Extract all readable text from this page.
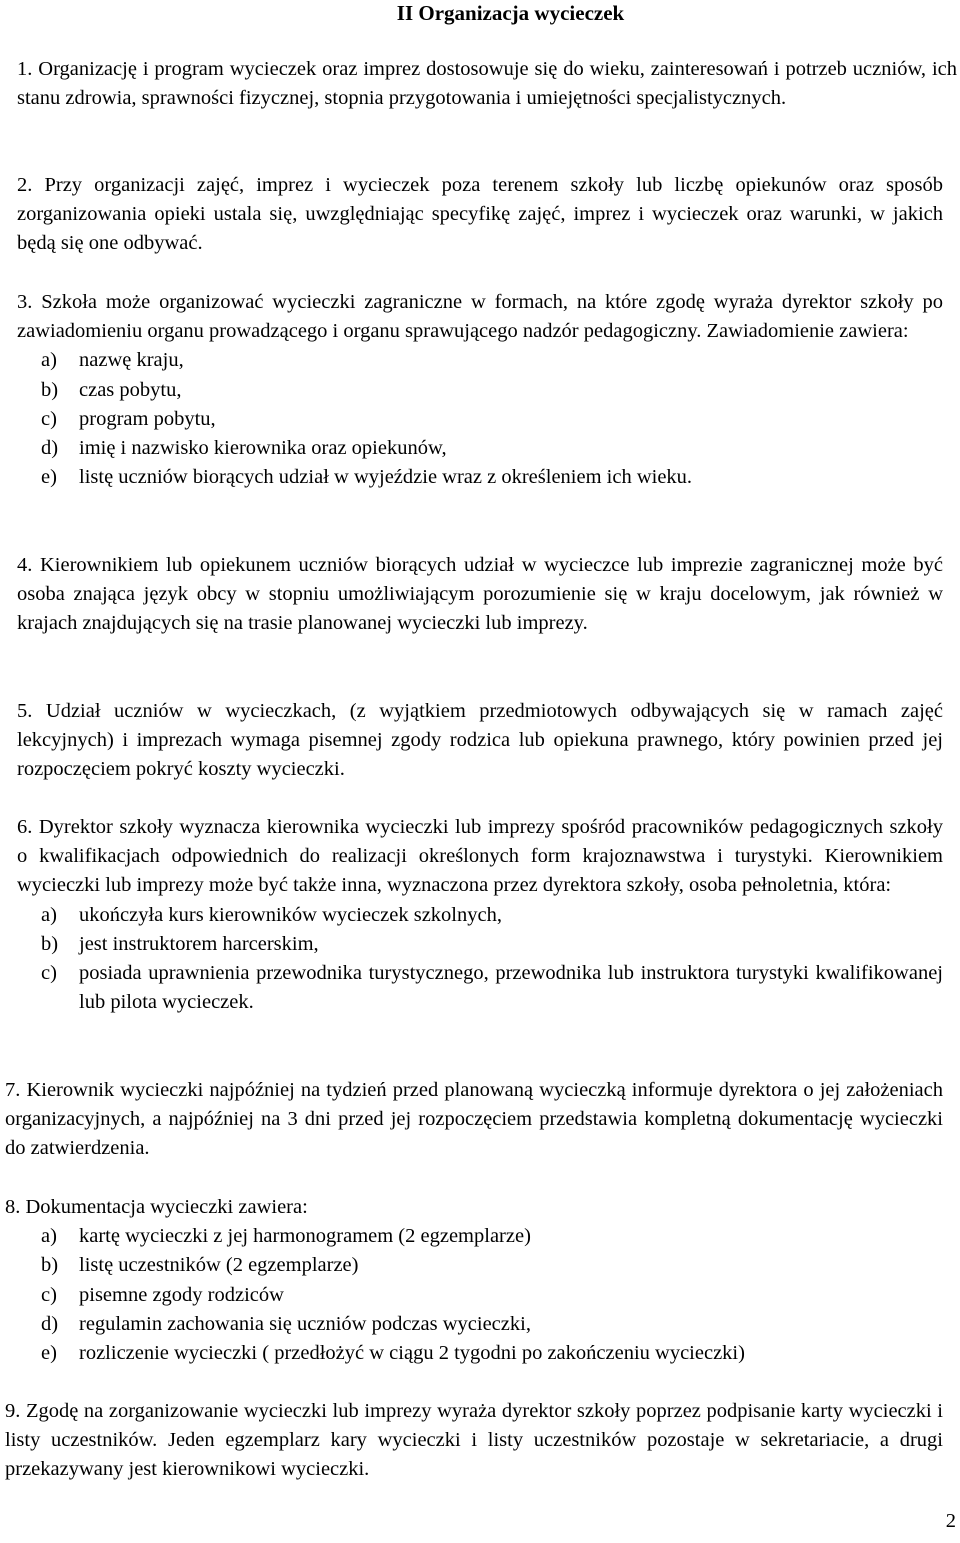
II Organizacja wycieczek

1. Organizację i program wycieczek oraz imprez dostosowuje się do wieku, zainteresowań i potrzeb uczniów, ich stanu zdrowia, sprawności fizycznej, stopnia przygotowania i umiejętności specjalistycznych.

2. Przy organizacji zajęć, imprez i wycieczek poza terenem szkoły lub liczbę opiekunów oraz sposób zorganizowania opieki ustala się, uwzględniając specyfikę zajęć, imprez i wycieczek oraz warunki, w jakich będą się one odbywać.

3. Szkoła może organizować wycieczki zagraniczne w formach, na które zgodę wyraża dyrektor szkoły po zawiadomieniu organu prowadzącego i organu sprawującego nadzór pedagogiczny. Zawiadomienie zawiera:
a) nazwę kraju,
b) czas pobytu,
c) program pobytu,
d) imię i nazwisko kierownika oraz opiekunów,
e) listę uczniów biorących udział w wyjeździe wraz z określeniem ich wieku.

4. Kierownikiem lub opiekunem uczniów biorących udział w wycieczce lub imprezie zagranicznej może być osoba znająca język obcy w stopniu umożliwiającym porozumienie się w kraju docelowym, jak również w krajach znajdujących się na trasie planowanej wycieczki lub imprezy.

5. Udział uczniów w wycieczkach, (z wyjątkiem przedmiotowych odbywających się w ramach zajęć lekcyjnych) i imprezach wymaga pisemnej zgody rodzica lub opiekuna prawnego, który powinien przed jej rozpoczęciem pokryć koszty wycieczki.

6. Dyrektor szkoły wyznacza kierownika wycieczki lub imprezy spośród pracowników pedagogicznych szkoły o kwalifikacjach odpowiednich do realizacji określonych form krajoznawstwa i turystyki. Kierownikiem wycieczki lub imprezy może być także inna, wyznaczona przez dyrektora szkoły, osoba pełnoletnia, która:
a) ukończyła kurs kierowników wycieczek szkolnych,
b) jest instruktorem harcerskim,
c) posiada uprawnienia przewodnika turystycznego, przewodnika lub instruktora turystyki kwalifikowanej lub pilota wycieczek.

7. Kierownik wycieczki najpóźniej na tydzień przed planowaną wycieczką informuje dyrektora o jej założeniach organizacyjnych, a najpóźniej na 3 dni przed jej rozpoczęciem przedstawia kompletną dokumentację wycieczki do zatwierdzenia.

8. Dokumentacja wycieczki zawiera:
a) kartę wycieczki z jej harmonogramem (2 egzemplarze)
b) listę uczestników (2 egzemplarze)
c) pisemne zgody rodziców
d) regulamin zachowania się uczniów podczas wycieczki,
e) rozliczenie wycieczki ( przedłożyć w ciągu 2 tygodni po zakończeniu wycieczki)

9. Zgodę na zorganizowanie wycieczki lub imprezy wyraża dyrektor szkoły poprzez podpisanie karty wycieczki i listy uczestników. Jeden egzemplarz kary wycieczki i listy uczestników pozostaje w sekretariacie, a drugi przekazywany jest kierownikowi wycieczki.

2
